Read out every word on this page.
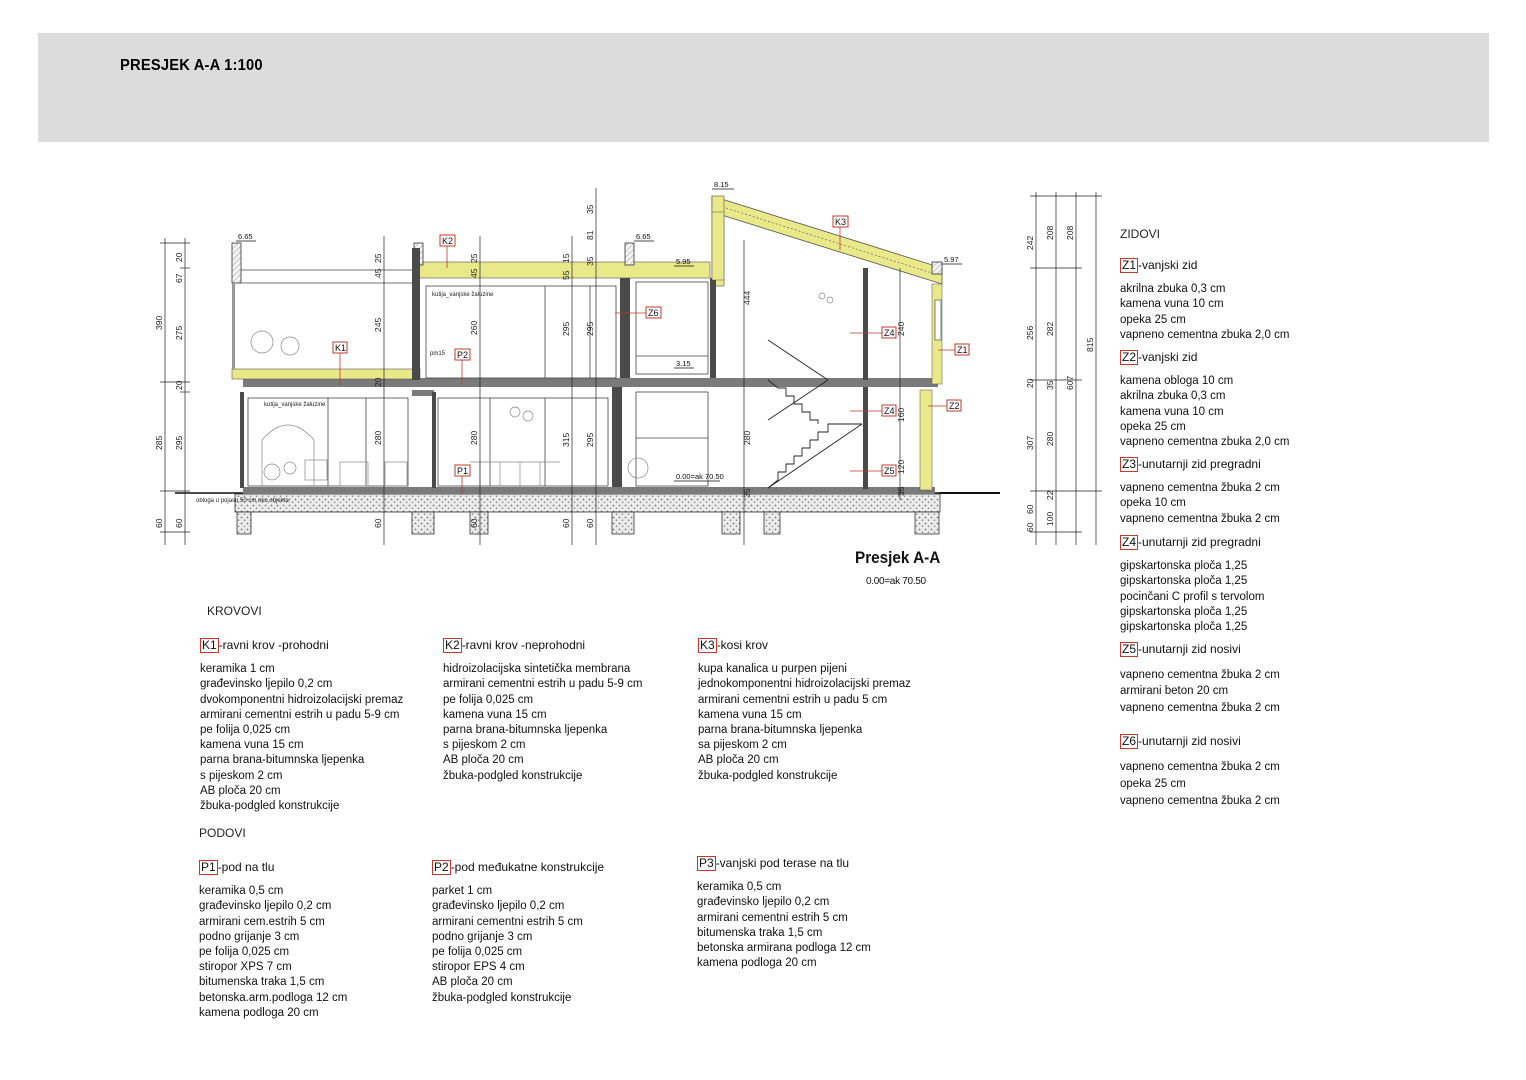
PRESJEK A-A 1:100
6.65	6.65
5.95	5.97
8.15
3.15
0.00=ak 70.50
K1
K2
K3
P1
P2	Z1
Z2
Z4
Z4
Z5
Z6
kutija_vanjske žaluzine
kutija_vanjske žaluzine
pm15
obloga u pojasu 50 cm oko objekta
390
285
60
20
67
275
20
295
60
25
45
245
20
280
60
25
45
260
280
60
15
55
295
315
60
35
81
35
295
295
60
444
280
35
240
160
120
35
242
256
20
307
60
60
208
282
35
280
22
100
208
607
815
Presjek A-A
0.00=ak 70.50
KROVOVI
K1 -ravni krov -prohodni
keramika 1 cm
građevinsko ljepilo 0,2 cm
dvokomponentni hidroizolacijski premaz
armirani cementni estrih u padu 5-9 cm
pe folija 0,025 cm
kamena vuna 15 cm
parna brana-bitumnska ljepenka
s pijeskom 2 cm
AB ploča 20 cm
žbuka-podgled konstrukcije
K2 -ravni krov -neprohodni
hidroizolacijska sintetička membrana
armirani cementni estrih u padu 5-9 cm
pe folija 0,025 cm
kamena vuna 15 cm
parna brana-bitumnska ljepenka
s pijeskom 2 cm
AB ploča 20 cm
žbuka-podgled konstrukcije
K3 -kosi krov
kupa kanalica u purpen pijeni
jednokomponentni hidroizolacijski premaz
armirani cementni estrih u padu 5 cm
kamena vuna 15 cm
parna brana-bitumnska ljepenka
sa pijeskom 2 cm
AB ploča 20 cm
žbuka-podgled konstrukcije
PODOVI
P1 -pod na tlu
keramika 0,5 cm
građevinsko ljepilo 0,2 cm
armirani cem.estrih 5 cm
podno grijanje 3 cm
pe folija 0,025 cm
stiropor XPS 7 cm
bitumenska traka 1,5 cm
betonska.arm.podloga 12 cm
kamena podloga 20 cm
P2 -pod međukatne konstrukcije
parket 1 cm
građevinsko ljepilo 0,2 cm
armirani cementni estrih 5 cm
podno grijanje 3 cm
pe folija 0,025 cm
stiropor EPS 4 cm
AB ploča 20 cm
žbuka-podgled konstrukcije
P3 -vanjski pod terase na tlu
keramika 0,5 cm
građevinsko ljepilo 0,2 cm
armirani cementni estrih 5 cm
bitumenska traka 1,5 cm
betonska armirana podloga 12 cm
kamena podloga 20 cm
ZIDOVI
Z1 -vanjski zid
akrilna zbuka 0,3 cm
kamena vuna 10 cm
opeka 25 cm
vapneno cementna zbuka 2,0 cm
Z2 -vanjski zid
kamena obloga 10 cm
akrilna zbuka 0,3 cm
kamena vuna 10 cm
opeka 25 cm
vapneno cementna zbuka 2,0 cm
Z3 -unutarnji zid pregradni
vapneno cementna žbuka 2 cm
opeka 10 cm
vapneno cementna žbuka 2 cm
Z4 -unutarnji zid pregradni
gipskartonska ploča 1,25
gipskartonska ploča 1,25
pocinčani C profil s tervolom
gipskartonska ploča 1,25
gipskartonska ploča 1,25
Z5 -unutarnji zid nosivi
vapneno cementna žbuka 2 cm
armirani beton 20 cm
vapneno cementna žbuka 2 cm
Z6 -unutarnji zid nosivi
vapneno cementna žbuka 2 cm
opeka 25 cm
vapneno cementna žbuka 2 cm
